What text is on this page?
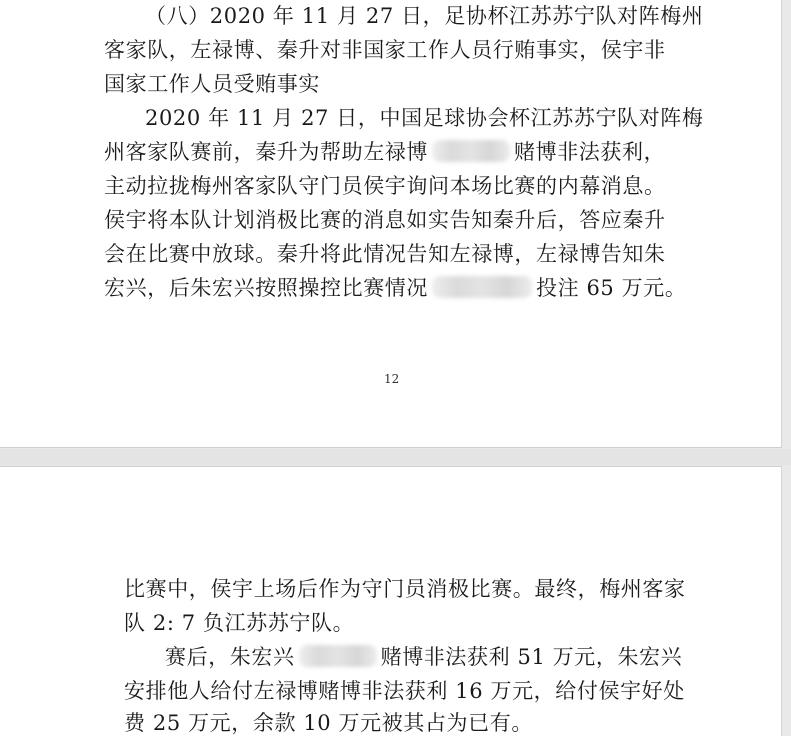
（八）2020 年 11 月 27 日，足协杯江苏苏宁队对阵梅州

客家队，左禄博、秦升对非国家工作人员行贿事实，侯宇非

国家工作人员受贿事实

2020 年 11 月 27 日，中国足球协会杯江苏苏宁队对阵梅

州客家队赛前，秦升为帮助左禄博	赌博非法获利，

主动拉拢梅州客家队守门员侯宇询问本场比赛的内幕消息。

侯宇将本队计划消极比赛的消息如实告知秦升后，答应秦升

会在比赛中放球。秦升将此情况告知左禄博，左禄博告知朱

宏兴，后朱宏兴按照操控比赛情况	投注 65 万元。

12

比赛中，侯宇上场后作为守门员消极比赛。最终，梅州客家

队 2: 7 负江苏苏宁队。

赛后，朱宏兴	赌博非法获利 51 万元，朱宏兴

安排他人给付左禄博赌博非法获利 16 万元，给付侯宇好处

费 25 万元，余款 10 万元被其占为已有。
